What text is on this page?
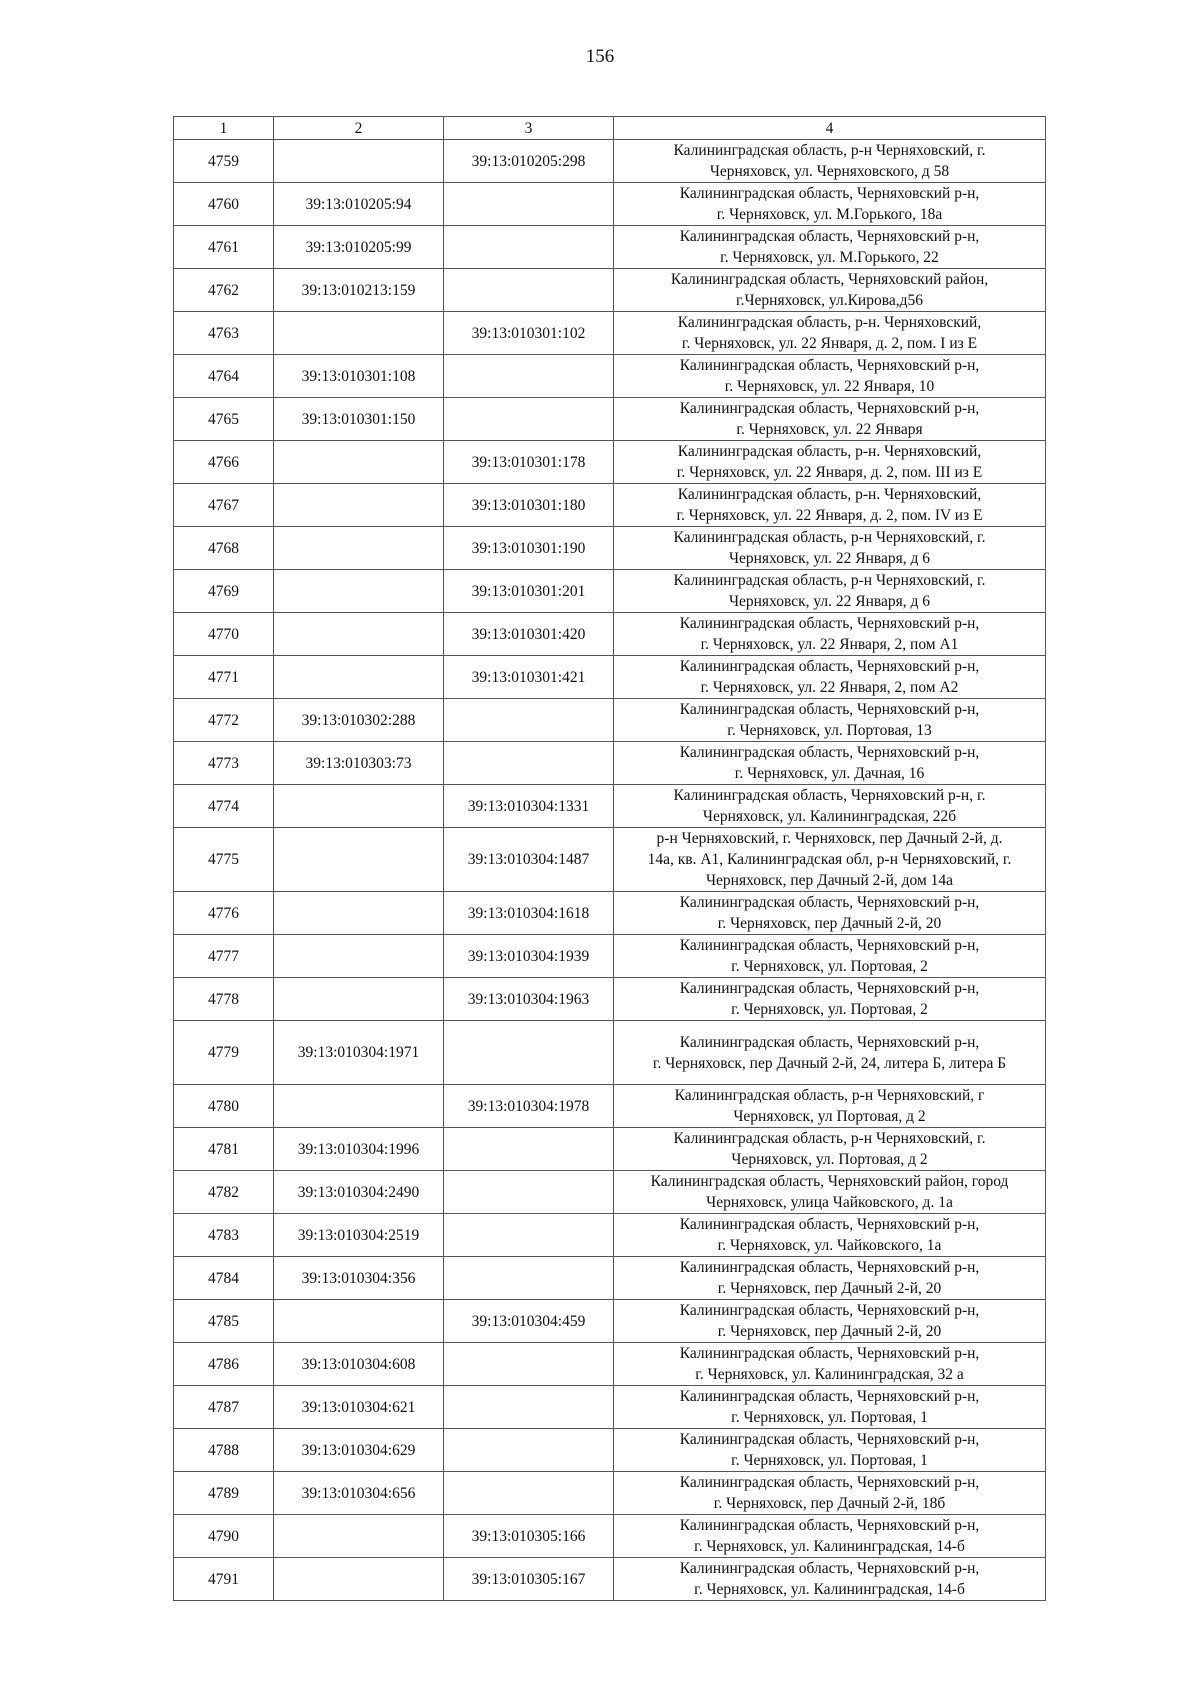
156
1	2	3	4
4759		39:13:010205:298	Калининградская область, р-н Черняховский, г.
Черняховск, ул. Черняховского, д 58

4760	39:13:010205:94		Калининградская область, Черняховский р-н,
г. Черняховск, ул. М.Горького, 18а

4761	39:13:010205:99		Калининградская область, Черняховский р-н,
г. Черняховск, ул. М.Горького, 22

4762	39:13:010213:159		Калининградская область, Черняховский район,
г.Черняховск, ул.Кирова,д56

4763		39:13:010301:102	Калининградская область, р-н. Черняховский,
г. Черняховск, ул. 22 Января, д. 2, пом. I из Е

4764	39:13:010301:108		Калининградская область, Черняховский р-н,
г. Черняховск, ул. 22 Января, 10

4765	39:13:010301:150		Калининградская область, Черняховский р-н,
г. Черняховск, ул. 22 Января

4766		39:13:010301:178	Калининградская область, р-н. Черняховский,
г. Черняховск, ул. 22 Января, д. 2, пом. III из Е

4767		39:13:010301:180	Калининградская область, р-н. Черняховский,
г. Черняховск, ул. 22 Января, д. 2, пом. IV из Е

4768		39:13:010301:190	Калининградская область, р-н Черняховский, г.
Черняховск, ул. 22 Января, д 6

4769		39:13:010301:201	Калининградская область, р-н Черняховский, г.
Черняховск, ул. 22 Января, д 6

4770		39:13:010301:420	Калининградская область, Черняховский р-н,
г. Черняховск, ул. 22 Января, 2, пом А1

4771		39:13:010301:421	Калининградская область, Черняховский р-н,
г. Черняховск, ул. 22 Января, 2, пом А2

4772	39:13:010302:288		Калининградская область, Черняховский р-н,
г. Черняховск, ул. Портовая, 13

4773	39:13:010303:73		Калининградская область, Черняховский р-н,
г. Черняховск, ул. Дачная, 16

4774		39:13:010304:1331	Калининградская область, Черняховский р-н, г.
Черняховск, ул. Калининградская, 22б

4775		39:13:010304:1487	р-н Черняховский, г. Черняховск, пер Дачный 2-й, д.
14а, кв. А1, Калининградская обл, р-н Черняховский, г.
Черняховск, пер Дачный 2-й, дом 14а

4776		39:13:010304:1618	Калининградская область, Черняховский р-н,
г. Черняховск, пер Дачный 2-й, 20

4777		39:13:010304:1939	Калининградская область, Черняховский р-н,
г. Черняховск, ул. Портовая, 2

4778		39:13:010304:1963	Калининградская область, Черняховский р-н,
г. Черняховск, ул. Портовая, 2

4779	39:13:010304:1971		Калининградская область, Черняховский р-н,
г. Черняховск, пер Дачный 2-й, 24, литера Б, литера Б

4780		39:13:010304:1978	Калининградская область, р-н Черняховский, г
Черняховск, ул Портовая, д 2

4781	39:13:010304:1996		Калининградская область, р-н Черняховский, г.
Черняховск, ул. Портовая, д 2

4782	39:13:010304:2490		Калининградская область, Черняховский район, город
Черняховск, улица Чайковского, д. 1а

4783	39:13:010304:2519		Калининградская область, Черняховский р-н,
г. Черняховск, ул. Чайковского, 1а

4784	39:13:010304:356		Калининградская область, Черняховский р-н,
г. Черняховск, пер Дачный 2-й, 20

4785		39:13:010304:459	Калининградская область, Черняховский р-н,
г. Черняховск, пер Дачный 2-й, 20

4786	39:13:010304:608		Калининградская область, Черняховский р-н,
г. Черняховск, ул. Калининградская, 32 а

4787	39:13:010304:621		Калининградская область, Черняховский р-н,
г. Черняховск, ул. Портовая, 1

4788	39:13:010304:629		Калининградская область, Черняховский р-н,
г. Черняховск, ул. Портовая, 1

4789	39:13:010304:656		Калининградская область, Черняховский р-н,
г. Черняховск, пер Дачный 2-й, 18б

4790		39:13:010305:166	Калининградская область, Черняховский р-н,
г. Черняховск, ул. Калининградская, 14-б

4791		39:13:010305:167	Калининградская область, Черняховский р-н,
г. Черняховск, ул. Калининградская, 14-б
